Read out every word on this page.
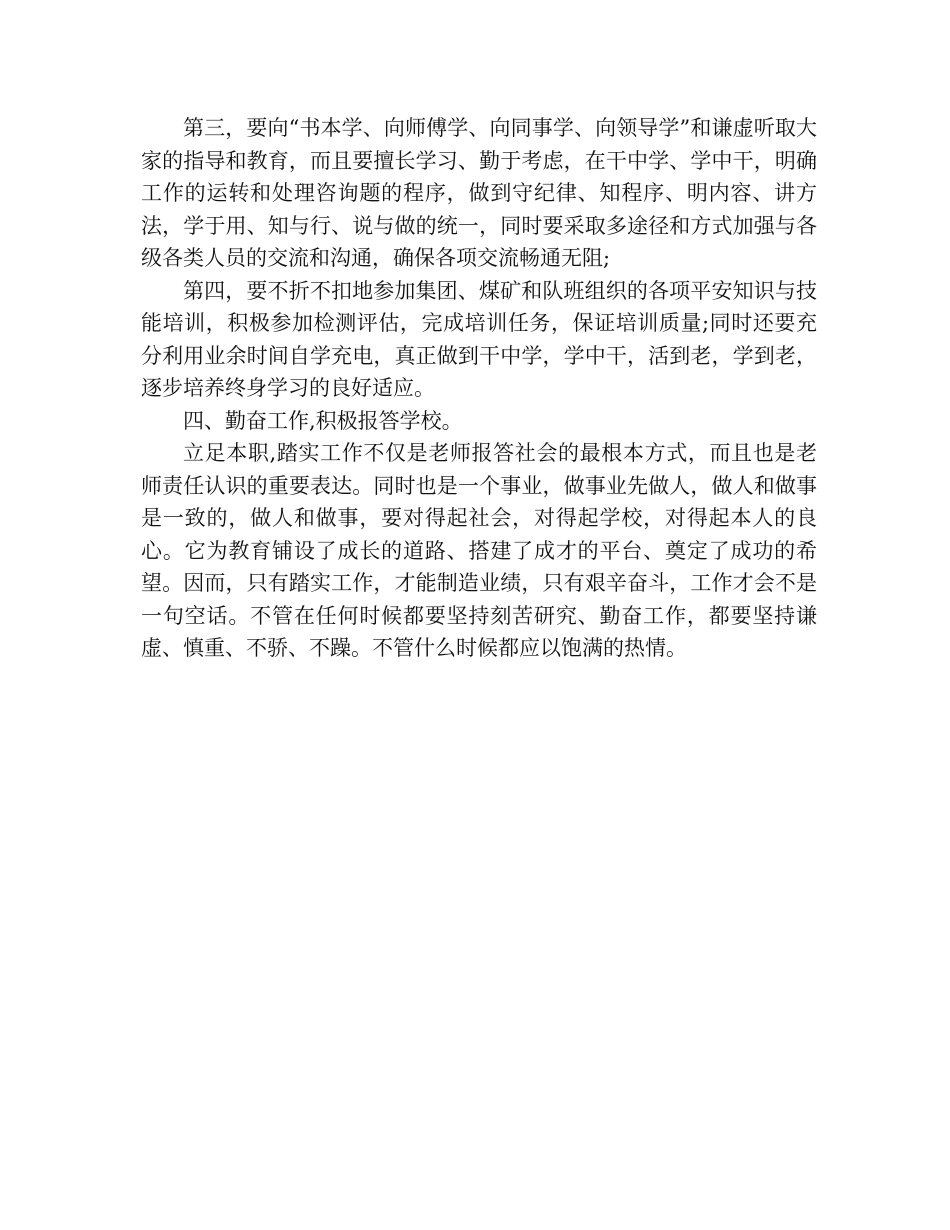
第三，要向“书本学、向师傅学、向同事学、向领导学”和谦虚听取大家的指导和教育，而且要擅长学习、勤于考虑，在干中学、学中干，明确工作的运转和处理咨询题的程序，做到守纪律、知程序、明内容、讲方法，学于用、知与行、说与做的统一，同时要采取多途径和方式加强与各级各类人员的交流和沟通，确保各项交流畅通无阻;

第四，要不折不扣地参加集团、煤矿和队班组织的各项平安知识与技能培训，积极参加检测评估，完成培训任务，保证培训质量;同时还要充分利用业余时间自学充电，真正做到干中学，学中干，活到老，学到老，逐步培养终身学习的良好适应。

四、勤奋工作,积极报答学校。

立足本职,踏实工作不仅是老师报答社会的最根本方式，而且也是老师责任认识的重要表达。同时也是一个事业，做事业先做人，做人和做事是一致的，做人和做事，要对得起社会，对得起学校，对得起本人的良心。它为教育铺设了成长的道路、搭建了成才的平台、奠定了成功的希望。因而，只有踏实工作，才能制造业绩，只有艰辛奋斗，工作才会不是一句空话。不管在任何时候都要坚持刻苦研究、勤奋工作，都要坚持谦虚、慎重、不骄、不躁。不管什么时候都应以饱满的热情。
